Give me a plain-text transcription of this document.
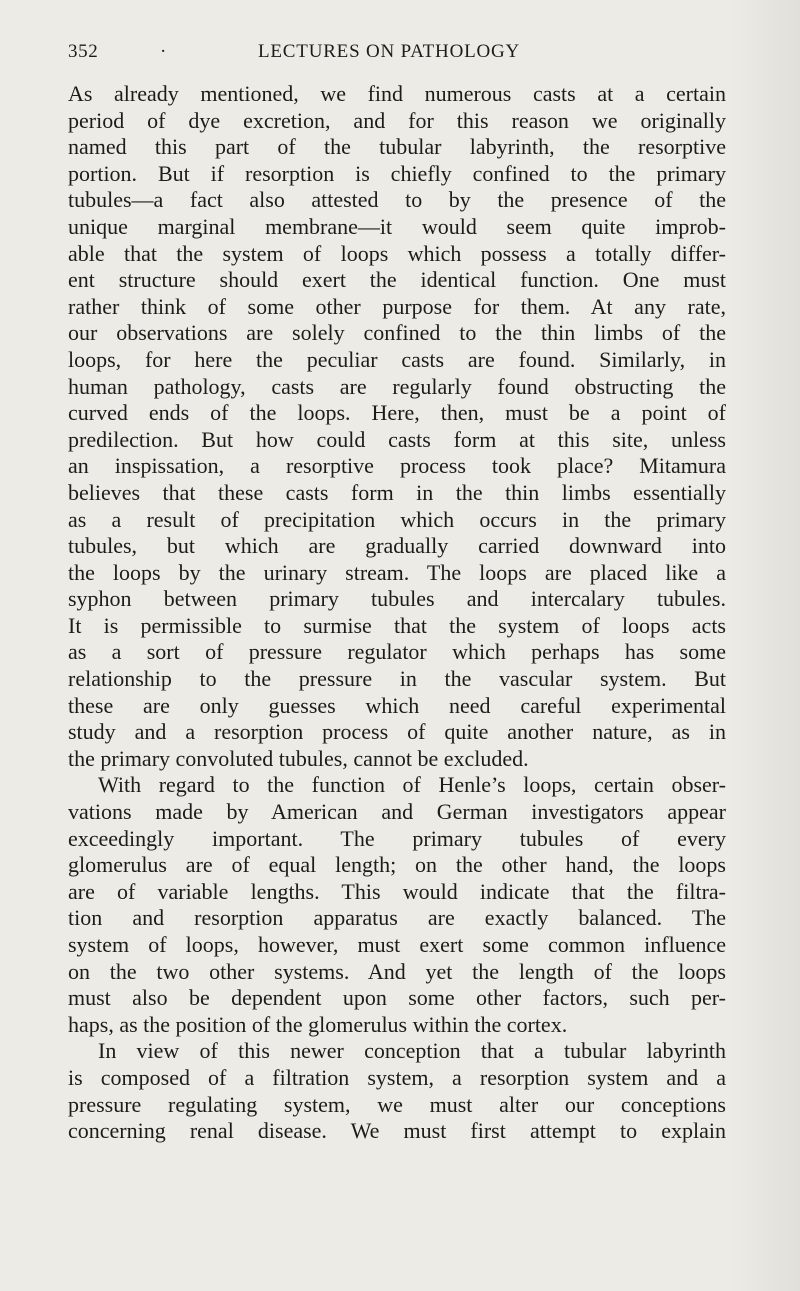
352	·	LECTURES ON PATHOLOGY
As already mentioned, we find numerous casts at a certain
period of dye excretion, and for this reason we originally
named this part of the tubular labyrinth, the resorptive
portion. But if resorption is chiefly confined to the primary
tubules—a fact also attested to by the presence of the
unique marginal membrane—it would seem quite improb-
able that the system of loops which possess a totally differ-
ent structure should exert the identical function. One must
rather think of some other purpose for them. At any rate,
our observations are solely confined to the thin limbs of the
loops, for here the peculiar casts are found. Similarly, in
human pathology, casts are regularly found obstructing the
curved ends of the loops. Here, then, must be a point of
predilection. But how could casts form at this site, unless
an inspissation, a resorptive process took place? Mitamura
believes that these casts form in the thin limbs essentially
as a result of precipitation which occurs in the primary
tubules, but which are gradually carried downward into
the loops by the urinary stream. The loops are placed like a
syphon between primary tubules and intercalary tubules.
It is permissible to surmise that the system of loops acts
as a sort of pressure regulator which perhaps has some
relationship to the pressure in the vascular system. But
these are only guesses which need careful experimental
study and a resorption process of quite another nature, as in
the primary convoluted tubules, cannot be excluded.
With regard to the function of Henle’s loops, certain obser-
vations made by American and German investigators appear
exceedingly important. The primary tubules of every
glomerulus are of equal length; on the other hand, the loops
are of variable lengths. This would indicate that the filtra-
tion and resorption apparatus are exactly balanced. The
system of loops, however, must exert some common influence
on the two other systems. And yet the length of the loops
must also be dependent upon some other factors, such per-
haps, as the position of the glomerulus within the cortex.
In view of this newer conception that a tubular labyrinth
is composed of a filtration system, a resorption system and a
pressure regulating system, we must alter our conceptions
concerning renal disease. We must first attempt to explain
